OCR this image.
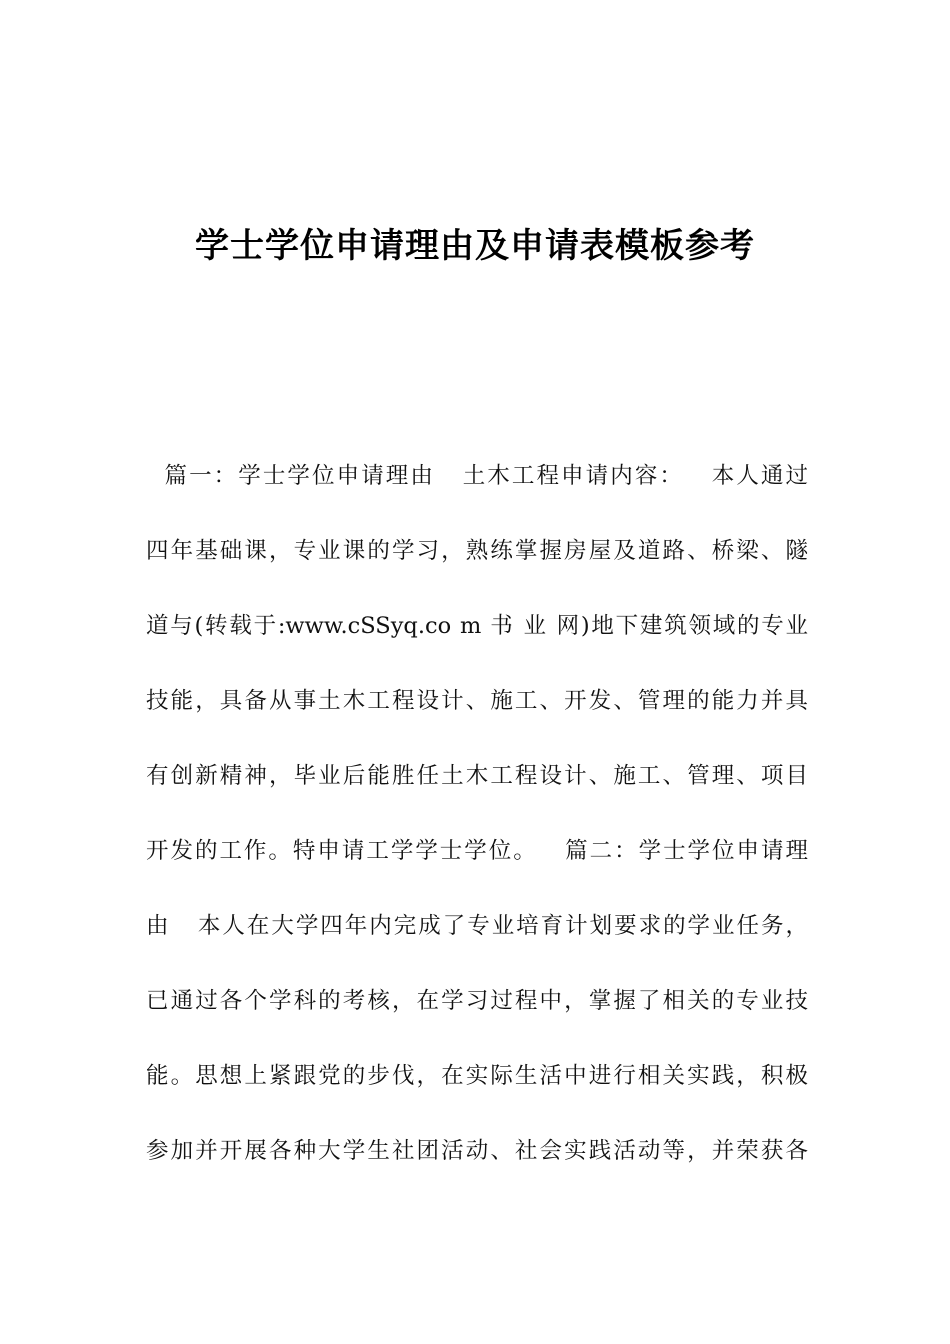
学士学位申请理由及申请表模板参考
篇一：学士学位申请理由   土木工程申请内容：   本人通过
四年基础课，专业课的学习，熟练掌握房屋及道路、桥梁、隧
道与(转载于:www.cSSyq.co m 书 业 网)地下建筑领域的专业
技能，具备从事土木工程设计、施工、开发、管理的能力并具
有创新精神，毕业后能胜任土木工程设计、施工、管理、项目
开发的工作。特申请工学学士学位。   篇二：学士学位申请理
由   本人在大学四年内完成了专业培育计划要求的学业任务，
已通过各个学科的考核，在学习过程中，掌握了相关的专业技
能。思想上紧跟党的步伐，在实际生活中进行相关实践，积极
参加并开展各种大学生社团活动、社会实践活动等，并荣获各
